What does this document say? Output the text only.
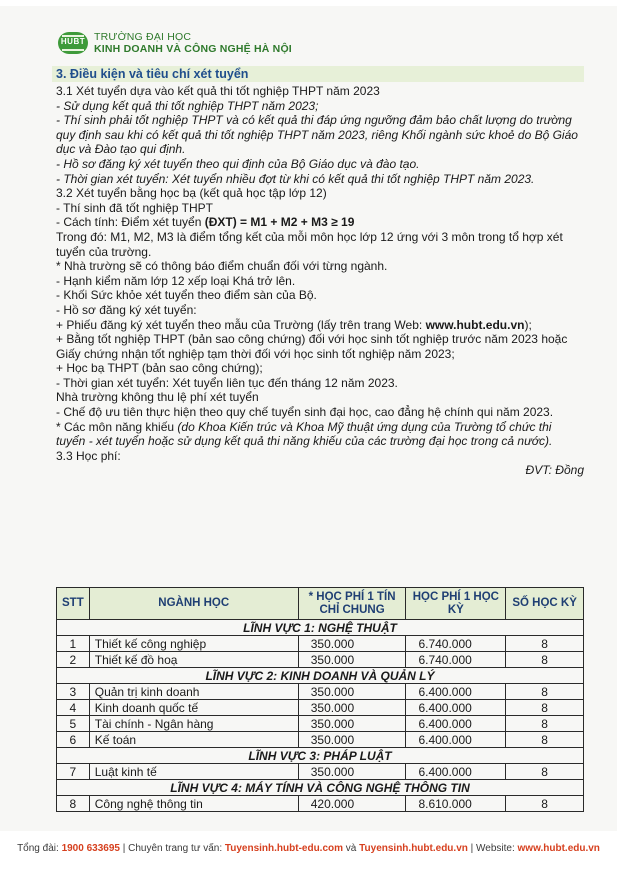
HUBT TRƯỜNG ĐẠI HỌC
KINH DOANH VÀ CÔNG NGHỆ HÀ NỘI
3. Điều kiện và tiêu chí xét tuyển

3.1 Xét tuyển dựa vào kết quả thi tốt nghiệp THPT năm 2023

- Sử dụng kết quả thi tốt nghiệp THPT năm 2023;

- Thí sinh phải tốt nghiệp THPT và có kết quả thi đáp ứng ngưỡng đảm bảo chất lượng do trường quy định sau khi có kết quả thi tốt nghiệp THPT năm 2023, riêng Khối ngành sức khoẻ do Bộ Giáo dục và Đào tạo qui định.

- Hồ sơ đăng ký xét tuyển theo qui định của Bộ Giáo dục và đào tạo.

- Thời gian xét tuyển: Xét tuyển nhiều đợt từ khi có kết quả thi tốt nghiệp THPT năm 2023.

3.2 Xét tuyển bằng học bạ (kết quả học tập lớp 12)

- Thí sinh đã tốt nghiệp THPT

- Cách tính: Điểm xét tuyển (ĐXT) = M1 + M2 + M3 ≥ 19

Trong đó: M1, M2, M3 là điểm tổng kết của mỗi môn học lớp 12 ứng với 3 môn trong tổ hợp xét tuyển của trường.

* Nhà trường sẽ có thông báo điểm chuẩn đối với từng ngành.

- Hạnh kiểm năm lớp 12 xếp loại Khá trở lên.

- Khối Sức khỏe xét tuyển theo điểm sàn của Bộ.

- Hồ sơ đăng ký xét tuyển:

+ Phiếu đăng ký xét tuyển theo mẫu của Trường (lấy trên trang Web: www.hubt.edu.vn);

+ Bằng tốt nghiệp THPT (bản sao công chứng) đối với học sinh tốt nghiệp trước năm 2023 hoặc Giấy chứng nhận tốt nghiệp tạm thời đối với học sinh tốt nghiệp năm 2023;

+ Học bạ THPT (bản sao công chứng);

- Thời gian xét tuyển: Xét tuyển liên tục đến tháng 12 năm 2023.

Nhà trường không thu lệ phí xét tuyển

- Chế độ ưu tiên thực hiện theo quy chế tuyển sinh đại học, cao đẳng hệ chính qui năm 2023.

* Các môn năng khiếu (do Khoa Kiến trúc và Khoa Mỹ thuật ứng dụng của Trường tổ chức thi tuyển - xét tuyển hoặc sử dụng kết quả thi năng khiếu của các trường đại học trong cả nước).

3.3 Học phí:

ĐVT: Đồng

STT	NGÀNH HỌC	* HỌC PHÍ 1 TÍN CHỈ CHUNG	HỌC PHÍ 1 HỌC KỲ	SỐ HỌC KỲ
LĨNH VỰC 1: NGHỆ THUẬT				
1	Thiết kế công nghiệp	350.000	6.740.000	8
2	Thiết kế đồ hoạ	350.000	6.740.000	8
LĨNH VỰC 2: KINH DOANH VÀ QUẢN LÝ				
3	Quản trị kinh doanh	350.000	6.400.000	8
4	Kinh doanh quốc tế	350.000	6.400.000	8
5	Tài chính - Ngân hàng	350.000	6.400.000	8
6	Kế toán	350.000	6.400.000	8
LĨNH VỰC 3: PHÁP LUẬT				
7	Luật kinh tế	350.000	6.400.000	8
LĨNH VỰC 4: MÁY TÍNH VÀ CÔNG NGHỆ THÔNG TIN				
8	Công nghệ thông tin	420.000	8.610.000	8
Tổng đài: 1900 633695 | Chuyên trang tư vấn: Tuyensinh.hubt-edu.com và Tuyensinh.hubt.edu.vn | Website: www.hubt.edu.vn
